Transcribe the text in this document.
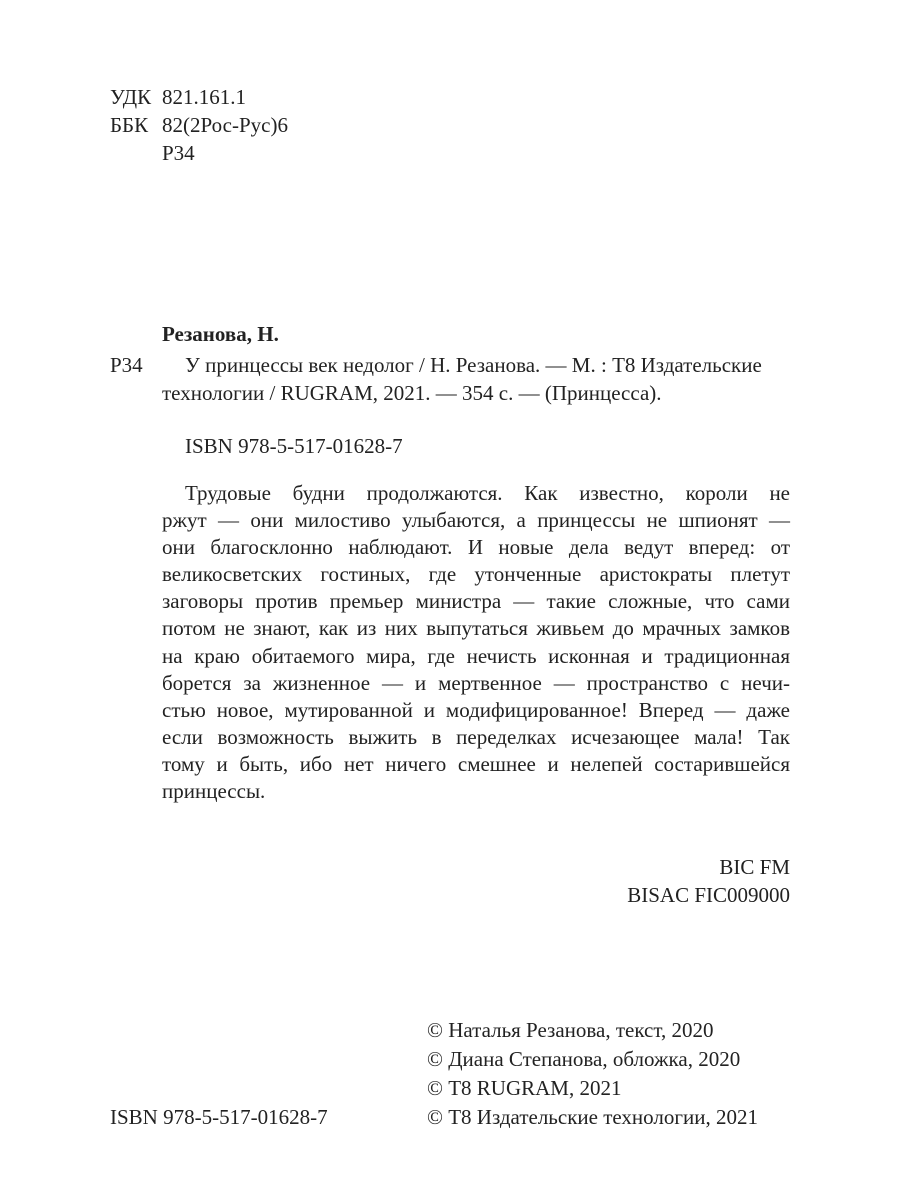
УДК 821.161.1
ББК 82(2Рос-Рус)6
Р34
Резанова, Н.
Р34 У принцессы век недолог / Н. Резанова. — М. : Т8 Издательские
технологии / RUGRAM, 2021. — 354 с. — (Принцесса).
ISBN 978-5-517-01628-7
Трудовые будни продолжаются. Как известно, короли не
ржут — они милостиво улыбаются, а принцессы не шпионят —
они благосклонно наблюдают. И новые дела ведут вперед: от
великосветских гостиных, где утонченные аристократы плетут
заговоры против премьер министра — такие сложные, что сами
потом не знают, как из них выпутаться живьем до мрачных замков
на краю обитаемого мира, где нечисть исконная и традиционная
борется за жизненное — и мертвенное — пространство с нечи-
стью новое, мутированной и модифицированное! Вперед — даже
если возможность выжить в переделках исчезающее мала! Так
тому и быть, ибо нет ничего смешнее и нелепей состарившейся
принцессы.
BIC FM
BISAC FIC009000
© Наталья Резанова, текст, 2020
© Диана Степанова, обложка, 2020
© Т8 RUGRAM, 2021
© Т8 Издательские технологии, 2021
ISBN 978-5-517-01628-7
